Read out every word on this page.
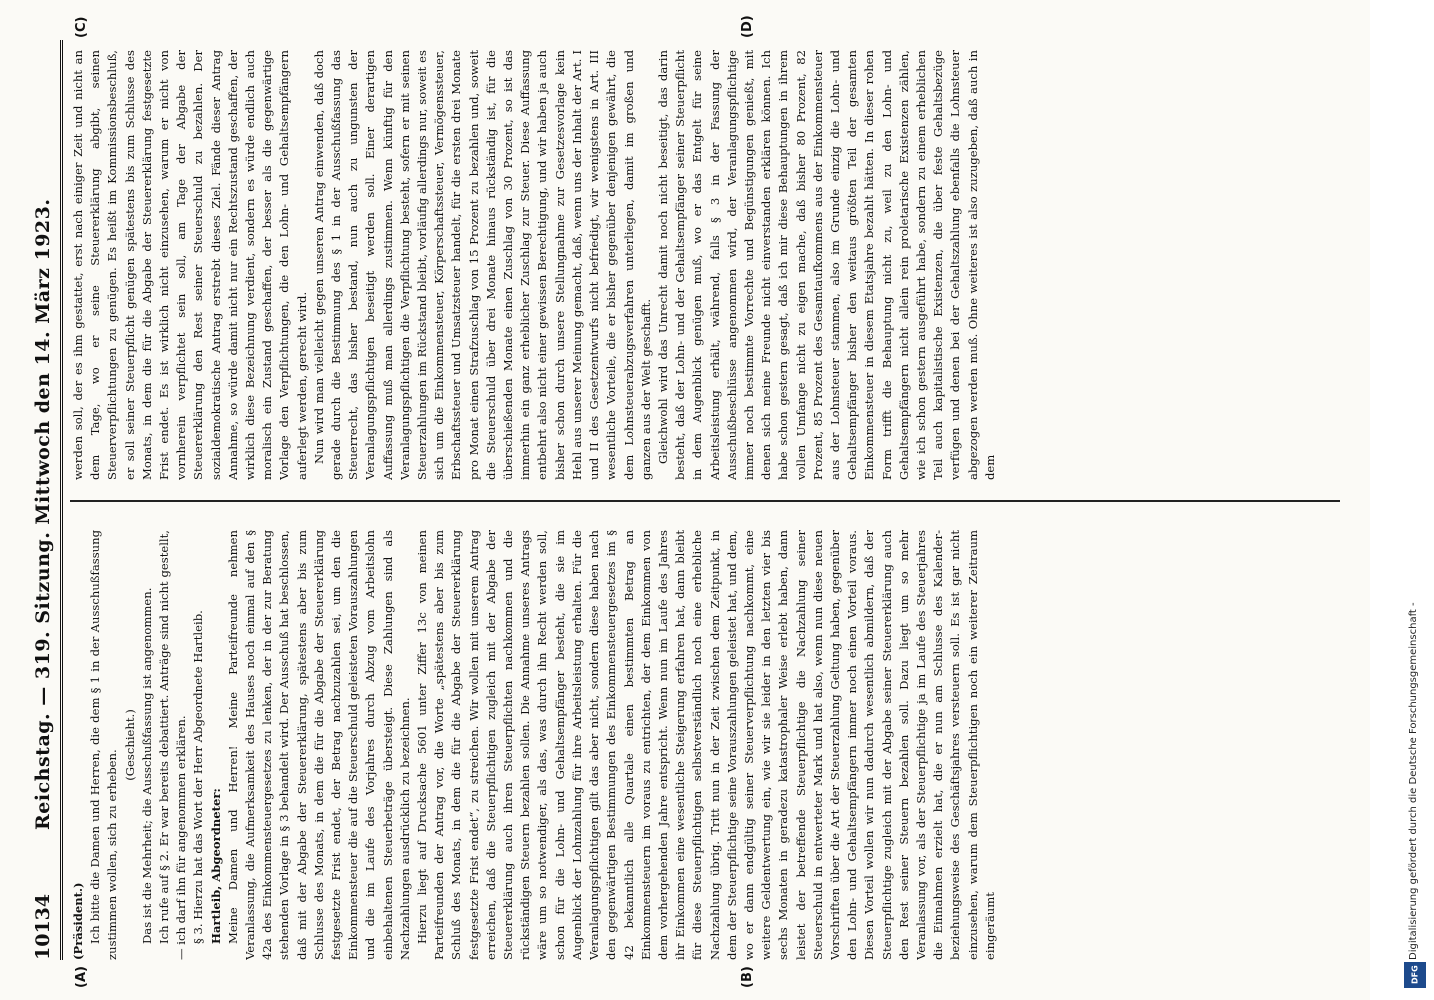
10134
Reichstag. — 319. Sitzung. Mittwoch den 14. März 1923.
(A)	(B)
(C)	(D)

(Präsident.) Ich bitte die Damen und Herren, die dem § 1 in der Ausschußfassung zustimmen wollen, sich zu erheben.

(Geschieht.) Das ist die Mehrheit; die Ausschußfassung ist angenommen. Ich rufe auf § 2. Er war bereits debattiert. Anträge sind nicht gestellt, — ich darf ihn für angenommen erklären. § 3. Hierzu hat das Wort der Herr Abgeordnete Hartleib. Hartleib, Abgeordneter: Meine Damen und Herren! Meine Parteifreunde nehmen Veranlassung, die Aufmerksamkeit des Hauses noch einmal auf den § 42a des Einkommensteuergesetzes zu lenken, der in der zur Beratung stehenden Vorlage in § 3 behandelt wird. Der Ausschuß hat beschlossen, daß mit der Abgabe der Steuererklärung, spätestens aber bis zum Schlusse des Monats, in dem die für die Abgabe der Steuererklärung festgesetzte Frist endet, der Betrag nachzuzahlen sei, um den die Einkommensteuer die auf die Steuerschuld geleisteten Vorauszahlungen und die im Laufe des Vorjahres durch Abzug vom Arbeitslohn einbehaltenen Steuerbeträge übersteigt. Diese Zahlungen sind als Nachzahlungen ausdrücklich zu bezeichnen. Hierzu liegt auf Drucksache 5601 unter Ziffer 13c von meinen Parteifreunden der Antrag vor, die Worte „spätestens aber bis zum Schluß des Monats, in dem die für die Abgabe der Steuererklärung festgesetzte Frist endet“, zu streichen. Wir wollen mit unserem Antrag erreichen, daß die Steuerpflichtigen zugleich mit der Abgabe der Steuererklärung auch ihren Steuerpflichten nachkommen und die rückständigen Steuern bezahlen sollen. Die Annahme unseres Antrags wäre um so notwendiger, als das, was durch ihn Recht werden soll, schon für die Lohn- und Gehaltsempfänger besteht, die sie im Augenblick der Lohnzahlung für ihre Arbeitsleistung erhalten. Für die Veranlagungspflichtigen gilt das aber nicht, sondern diese haben nach den gegenwärtigen Bestimmungen des Einkommensteuergesetzes im § 42 bekanntlich alle Quartale einen bestimmten Betrag an Einkommensteuern im voraus zu entrichten, der dem Einkommen von dem vorhergehenden Jahre entspricht. Wenn nun im Laufe des Jahres ihr Einkommen eine wesentliche Steigerung erfahren hat, dann bleibt für diese Steuerpflichtigen selbstverständlich noch eine erhebliche Nachzahlung übrig. Tritt nun in der Zeit zwischen dem Zeitpunkt, in dem der Steuerpflichtige seine Vorauszahlungen geleistet hat, und dem, wo er dann endgültig seiner Steuerverpflichtung nachkommt, eine weitere Geldentwertung ein, wie wir sie leider in den letzten vier bis sechs Monaten in geradezu katastrophaler Weise erlebt haben, dann leistet der betreffende Steuerpflichtige die Nachzahlung seiner Steuerschuld in entwerteter Mark und hat also, wenn nun diese neuen Vorschriften über die Art der Steuerzahlung Geltung haben, gegenüber den Lohn- und Gehaltsempfängern immer noch einen Vorteil voraus. Diesen Vorteil wollen wir nun dadurch wesentlich abmildern, daß der Steuerpflichtige zugleich mit der Abgabe seiner Steuererklärung auch den Rest seiner Steuern bezahlen soll. Dazu liegt um so mehr Veranlassung vor, als der Steuerpflichtige ja im Laufe des Steuerjahres die Einnahmen erzielt hat, die er nun am Schlusse des Kalender- beziehungsweise des Geschäftsjahres versteuern soll. Es ist gar nicht einzusehen, warum dem Steuerpflichtigen noch ein weiterer Zeitraum eingeräumt

werden soll, der es ihm gestattet, erst nach einiger Zeit und nicht an dem Tage, wo er seine Steuererklärung abgibt, seinen Steuerverpflichtungen zu genügen. Es heißt im Kommissionsbeschluß, er soll seiner Steuerpflicht genügen spätestens bis zum Schlusse des Monats, in dem die für die Abgabe der Steuererklärung festgesetzte Frist endet. Es ist wirklich nicht einzusehen, warum er nicht von vornherein verpflichtet sein soll, am Tage der Abgabe der Steuererklärung den Rest seiner Steuerschuld zu bezahlen. Der sozialdemokratische Antrag erstrebt dieses Ziel. Fände dieser Antrag Annahme, so würde damit nicht nur ein Rechtszustand geschaffen, der wirklich diese Bezeichnung verdient, sondern es würde endlich auch moralisch ein Zustand geschaffen, der besser als die gegenwärtige Vorlage den Verpflichtungen, die den Lohn- und Gehaltsempfängern auferlegt werden, gerecht wird. Nun wird man vielleicht gegen unseren Antrag einwenden, daß doch gerade durch die Bestimmung des § 1 in der Ausschußfassung das Steuerrecht, das bisher bestand, nun auch zu ungunsten der Veranlagungspflichtigen beseitigt werden soll. Einer derartigen Auffassung muß man allerdings zustimmen. Wenn künftig für den Veranlagungspflichtigen die Verpflichtung besteht, sofern er mit seinen Steuerzahlungen im Rückstand bleibt, vorläufig allerdings nur, soweit es sich um die Einkommensteuer, Körperschaftssteuer, Vermögenssteuer, Erbschaftssteuer und Umsatzsteuer handelt, für die ersten drei Monate pro Monat einen Strafzuschlag von 15 Prozent zu bezahlen und, soweit die Steuerschuld über drei Monate hinaus rückständig ist, für die überschießenden Monate einen Zuschlag von 30 Prozent, so ist das immerhin ein ganz erheblicher Zuschlag zur Steuer. Diese Auffassung entbehrt also nicht einer gewissen Berechtigung, und wir haben ja auch bisher schon durch unsere Stellungnahme zur Gesetzesvorlage kein Hehl aus unserer Meinung gemacht, daß, wenn uns der Inhalt der Art. I und II des Gesetzentwurfs nicht befriedigt, wir wenigstens in Art. III wesentliche Vorteile, die er bisher gegenüber denjenigen gewährt, die dem Lohnsteuerabzugsverfahren unterliegen, damit im großen und ganzen aus der Welt geschafft. Gleichwohl wird das Unrecht damit noch nicht beseitigt, das darin besteht, daß der Lohn- und der Gehaltsempfänger seiner Steuerpflicht in dem Augenblick genügen muß, wo er das Entgelt für seine Arbeitsleistung erhält, während, falls § 3 in der Fassung der Ausschußbeschlüsse angenommen wird, der Veranlagungspflichtige immer noch bestimmte Vorrechte und Begünstigungen genießt, mit denen sich meine Freunde nicht einverstanden erklären können. Ich habe schon gestern gesagt, daß ich mir diese Behauptungen in ihrem vollen Umfange nicht zu eigen mache, daß bisher 80 Prozent, 82 Prozent, 85 Prozent des Gesamtaufkommens aus der Einkommensteuer aus der Lohnsteuer stammen, also im Grunde einzig die Lohn- und Gehaltsempfänger bisher den weitaus größten Teil der gesamten Einkommensteuer in diesem Etatsjahre bezahlt hätten. In dieser rohen Form trifft die Behauptung nicht zu, weil zu den Lohn- und Gehaltsempfängern nicht allein rein proletarische Existenzen zählen, wie ich schon gestern ausgeführt habe, sondern zu einem erheblichen Teil auch kapitalistische Existenzen, die über feste Gehaltsbezüge verfügen und denen bei der Gehaltszahlung ebenfalls die Lohnsteuer abgezogen werden muß. Ohne weiteres ist also zuzugeben, daß auch in dem

Digitalisierung gefördert durch die Deutsche Forschungsgemeinschaft -
DFG
